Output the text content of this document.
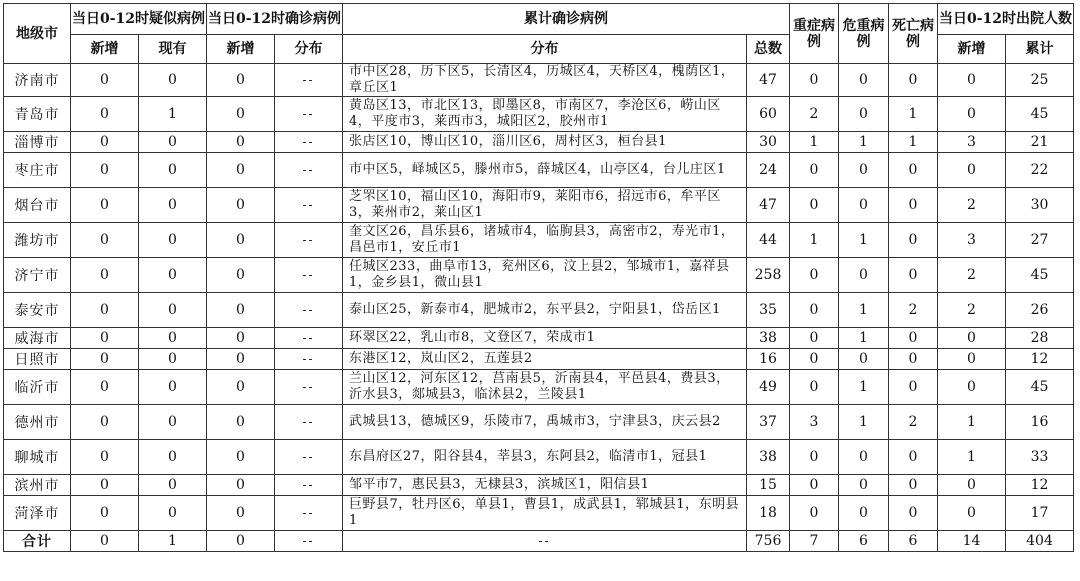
地级市	当日0-12时疑似病例		当日0-12时确诊病例		累计确诊病例		重症病例	危重病例	死亡病例	当日0-12时出院人数	
	新增	现有	新增	分布	分布	总数				新增	累计
济南市	0	0	0	--	市中区28，历下区5，长清区4，历城区4，天桥区4，槐荫区1，章丘区1	47	0	0	0	0	25
青岛市	0	1	0	--	黄岛区13，市北区13，即墨区8，市南区7，李沧区6，崂山区4，平度市3，莱西市3，城阳区2，胶州市1	60	2	0	1	0	45
淄博市	0	0	0	--	张店区10，博山区10，淄川区6，周村区3，桓台县1	30	1	1	1	3	21
枣庄市	0	0	0	--	市中区5，峄城区5，滕州市5，薛城区4，山亭区4，台儿庄区1	24	0	0	0	0	22
烟台市	0	0	0	--	芝罘区10，福山区10，海阳市9，莱阳市6，招远市6，牟平区3，莱州市2，莱山区1	47	0	0	0	2	30
潍坊市	0	0	0	--	奎文区26，昌乐县6，诸城市4，临朐县3，高密市2，寿光市1，昌邑市1，安丘市1	44	1	1	0	3	27
济宁市	0	0	0	--	任城区233，曲阜市13，兖州区6，汶上县2，邹城市1，嘉祥县1，金乡县1，微山县1	258	0	0	0	2	45
泰安市	0	0	0	--	泰山区25，新泰市4，肥城市2，东平县2，宁阳县1，岱岳区1	35	0	1	2	2	26
威海市	0	0	0	--	环翠区22，乳山市8，文登区7，荣成市1	38	0	1	0	0	28
日照市	0	0	0	--	东港区12，岚山区2，五莲县2	16	0	0	0	0	12
临沂市	0	0	0	--	兰山区12，河东区12，莒南县5，沂南县4，平邑县4，费县3，沂水县3，郯城县3，临沭县2，兰陵县1	49	0	1	0	0	45
德州市	0	0	0	--	武城县13，德城区9，乐陵市7，禹城市3，宁津县3，庆云县2	37	3	1	2	1	16
聊城市	0	0	0	--	东昌府区27，阳谷县4，莘县3，东阿县2，临清市1，冠县1	38	0	0	0	1	33
滨州市	0	0	0	--	邹平市7，惠民县3，无棣县3，滨城区1，阳信县1	15	0	0	0	0	12
菏泽市	0	0	0	--	巨野县7，牡丹区6，单县1，曹县1，成武县1，郓城县1，东明县1	18	0	0	0	0	17
合计	0	1	0	--	--	756	7	6	6	14	404
